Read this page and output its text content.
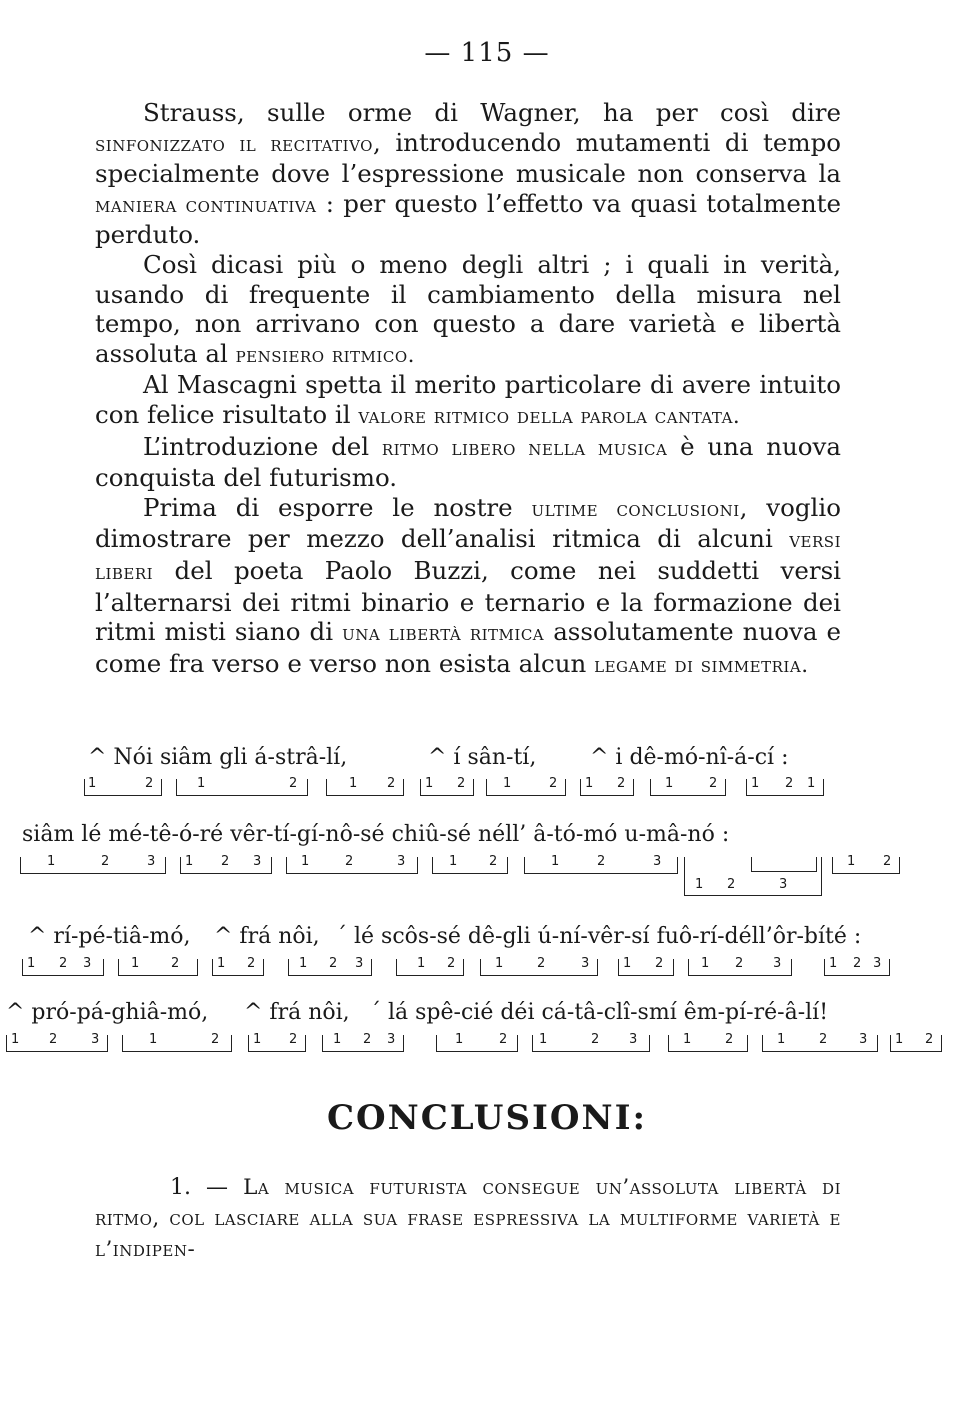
— 115 —

Strauss, sulle orme di Wagner, ha per così dire sinfonizzato il recitativo, introducendo mutamenti di tempo specialmente dove l’espressione musicale non conserva la maniera continuativa : per questo l’effetto va quasi totalmente perduto.

Così dicasi più o meno degli altri ; i quali in verità, usando di frequente il cambiamento della misura nel tempo, non arrivano con questo a dare varietà e libertà assoluta al pensiero ritmico.

Al Mascagni spetta il merito particolare di avere intuito con felice risultato il valore ritmico della parola cantata.

L’introduzione del ritmo libero nella musica è una nuova conquista del futurismo.

Prima di esporre le nostre ultime conclusioni, voglio dimostrare per mezzo dell’analisi ritmica di alcuni versi liberi del poeta Paolo Buzzi, come nei suddetti versi l’alternarsi dei ritmi binario e ternario e la formazione dei ritmi misti siano di una libertà ritmica assolutamente nuova e come fra verso e verso non esista alcun legame di simmetria.

^ Nói siâm gli á-strâ-lí,	^ í sân-tí, ^ i dê-mó-nî-á-cí :
1	2	1	2	1 2 1 2	1	2 1 2	1	2	1 2 1
siâm lé mé-tê-ó-ré vêr-tí-gí-nô-sé chiû-sé néll’ â-tó-mó u-mâ-nó :
1	2	3 1 2 3	1	2	3	1 2	1	2	3
1 2	3
1 2
^ rí-pé-tiâ-mó, ^ frá nôi, ´ lé scôs-sé dê-gli ú-ní-vêr-sí fuô-rí-déll’ôr-bíté :
1 2 3	1 2	1 2	1 2 3	1 2	1	2	3	1 2	1 2 3	1 2 3
^ pró-pá-ghiâ-mó, ^ frá nôi, ´ lá spê-cié déi cá-tâ-clî-smí êm-pí-ré-â-lí!
1 2	3	1	2	1 2	1 2 3	1	2 1	2 3	1	2	1	2 3 1 2
CONCLUSIONI:

1. — La musica futurista consegue un’assoluta libertà di ritmo, col lasciare alla sua frase espressiva la multiforme varietà e l’indipen-
